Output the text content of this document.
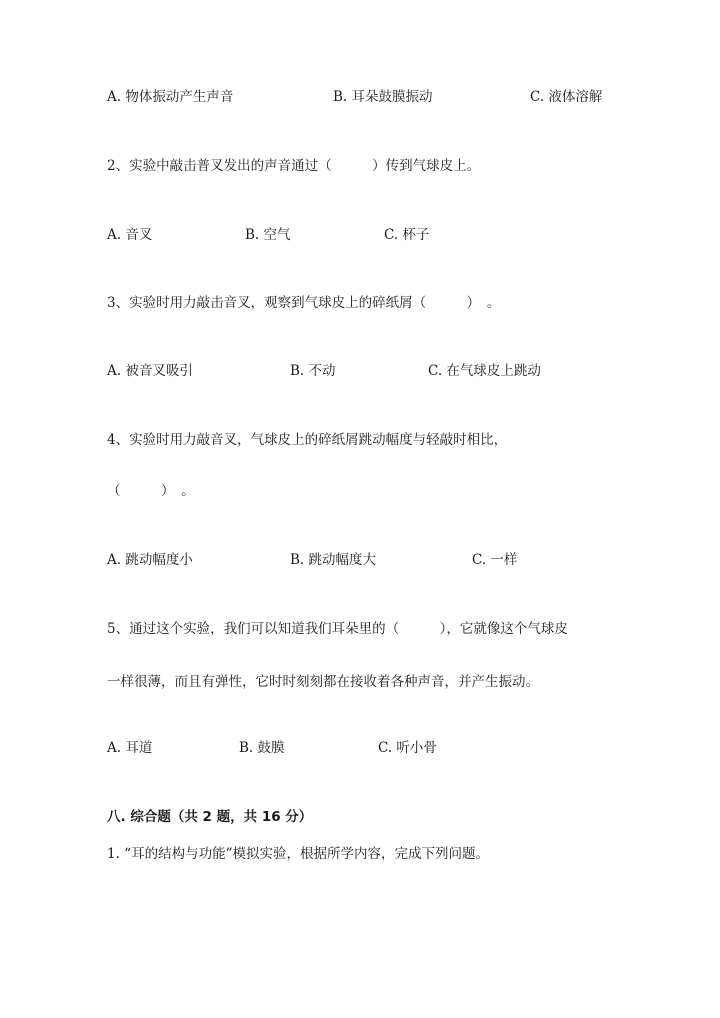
A. 物体振动产生声音	B. 耳朵鼓膜振动	C. 液体溶解
2、实验中敲击普叉发出的声音通过（　　　）传到气球皮上。
A. 音叉	B. 空气	C. 杯子
3、实验时用力敲击音叉，观察到气球皮上的碎纸屑（　　　）　。
A. 被音叉吸引	B. 不动	C. 在气球皮上跳动
4、实验时用力敲音叉，气球皮上的碎纸屑跳动幅度与轻敲时相比，
（　　　）　。
A. 跳动幅度小	B. 跳动幅度大	C. 一样
5、通过这个实验，我们可以知道我们耳朵里的（　　　），它就像这个气球皮
一样很薄，而且有弹性，它时时刻刻都在接收着各种声音，并产生振动。
A. 耳道	B. 鼓膜	C. 听小骨
八. 综合题（共 2 题，共 16 分）
1. “耳的结构与功能”模拟实验，根据所学内容，完成下列问题。
